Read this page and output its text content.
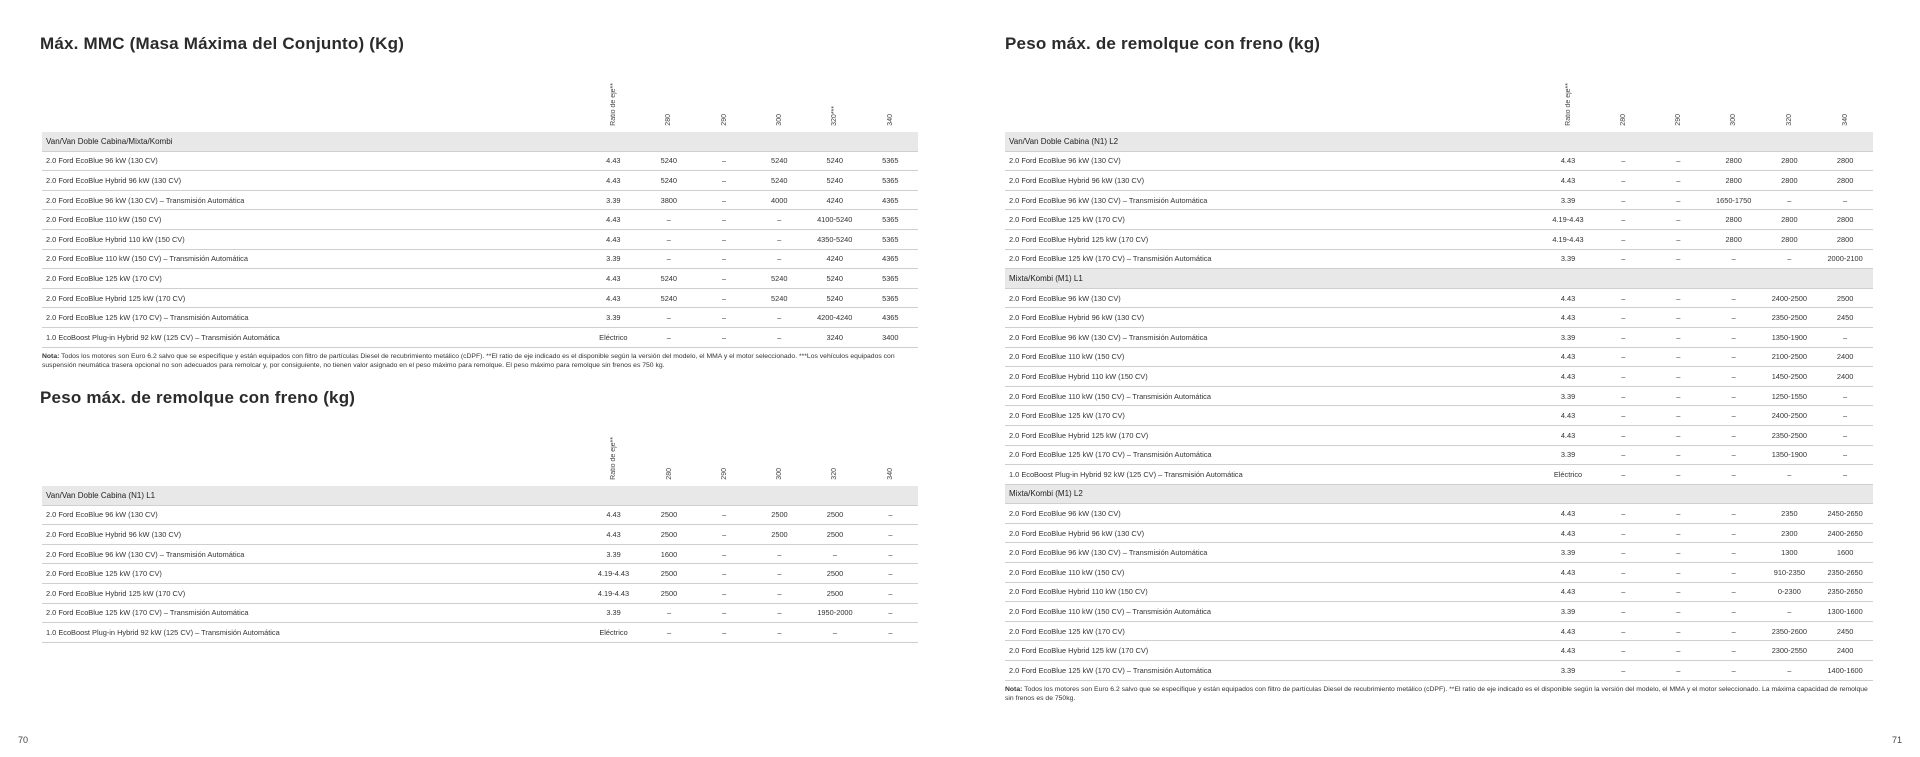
Máx. MMC (Masa Máxima del Conjunto) (Kg)
	Ratio de eje**	280	290	300	320***	340
Van/Van Doble Cabina/Mixta/Kombi						
2.0 Ford EcoBlue 96 kW (130 CV)	4.43	5240	–	5240	5240	5365
2.0 Ford EcoBlue Hybrid 96 kW (130 CV)	4.43	5240	–	5240	5240	5365
2.0 Ford EcoBlue 96 kW (130 CV) – Transmisión Automática	3.39	3800	–	4000	4240	4365
2.0 Ford EcoBlue 110 kW (150 CV)	4.43	–	–	–	4100-5240	5365
2.0 Ford EcoBlue Hybrid 110 kW (150 CV)	4.43	–	–	–	4350-5240	5365
2.0 Ford EcoBlue 110 kW (150 CV) – Transmisión Automática	3.39	–	–	–	4240	4365
2.0 Ford EcoBlue 125 kW (170 CV)	4.43	5240	–	5240	5240	5365
2.0 Ford EcoBlue Hybrid 125 kW (170 CV)	4.43	5240	–	5240	5240	5365
2.0 Ford EcoBlue 125 kW (170 CV) – Transmisión Automática	3.39	–	–	–	4200-4240	4365
1.0 EcoBoost Plug-in Hybrid 92 kW (125 CV) – Transmisión Automática	Eléctrico	–	–	–	3240	3400
Nota: Todos los motores son Euro 6.2 salvo que se especifique y están equipados con filtro de partículas Diesel de recubrimiento metálico (cDPF). **El ratio de eje indicado es el disponible según la versión del modelo, el MMA y el motor seleccionado. ***Los vehículos equipados con suspensión neumática trasera opcional no son adecuados para remolcar y, por consiguiente, no tienen valor asignado en el peso máximo para remolque. El peso máximo para remolque sin frenos es 750 kg.
Peso máx. de remolque con freno (kg)
	Ratio de eje**	280	290	300	320	340
Van/Van Doble Cabina (N1) L1						
2.0 Ford EcoBlue 96 kW (130 CV)	4.43	2500	–	2500	2500	–
2.0 Ford EcoBlue Hybrid 96 kW (130 CV)	4.43	2500	–	2500	2500	–
2.0 Ford EcoBlue 96 kW (130 CV) – Transmisión Automática	3.39	1600	–	–	–	–
2.0 Ford EcoBlue 125 kW (170 CV)	4.19-4.43	2500	–	–	2500	–
2.0 Ford EcoBlue Hybrid 125 kW (170 CV)	4.19-4.43	2500	–	–	2500	–
2.0 Ford EcoBlue 125 kW (170 CV) – Transmisión Automática	3.39	–	–	–	1950-2000	–
1.0 EcoBoost Plug-in Hybrid 92 kW (125 CV) – Transmisión Automática	Eléctrico	–	–	–	–	–
70
Peso máx. de remolque con freno (kg)
	Ratio de eje**	280	290	300	320	340
Van/Van Doble Cabina (N1) L2						
2.0 Ford EcoBlue 96 kW (130 CV)	4.43	–	–	2800	2800	2800
2.0 Ford EcoBlue Hybrid 96 kW (130 CV)	4.43	–	–	2800	2800	2800
2.0 Ford EcoBlue 96 kW (130 CV) – Transmisión Automática	3.39	–	–	1650-1750	–	–
2.0 Ford EcoBlue 125 kW (170 CV)	4.19-4.43	–	–	2800	2800	2800
2.0 Ford EcoBlue Hybrid 125 kW (170 CV)	4.19-4.43	–	–	2800	2800	2800
2.0 Ford EcoBlue 125 kW (170 CV) – Transmisión Automática	3.39	–	–	–	–	2000-2100
Mixta/Kombi (M1) L1						
2.0 Ford EcoBlue 96 kW (130 CV)	4.43	–	–	–	2400-2500	2500
2.0 Ford EcoBlue Hybrid 96 kW (130 CV)	4.43	–	–	–	2350-2500	2450
2.0 Ford EcoBlue 96 kW (130 CV) – Transmisión Automática	3.39	–	–	–	1350-1900	–
2.0 Ford EcoBlue 110 kW (150 CV)	4.43	–	–	–	2100-2500	2400
2.0 Ford EcoBlue Hybrid 110 kW (150 CV)	4.43	–	–	–	1450-2500	2400
2.0 Ford EcoBlue 110 kW (150 CV) – Transmisión Automática	3.39	–	–	–	1250-1550	–
2.0 Ford EcoBlue 125 kW (170 CV)	4.43	–	–	–	2400-2500	–
2.0 Ford EcoBlue Hybrid 125 kW (170 CV)	4.43	–	–	–	2350-2500	–
2.0 Ford EcoBlue 125 kW (170 CV) – Transmisión Automática	3.39	–	–	–	1350-1900	–
1.0 EcoBoost Plug-in Hybrid 92 kW (125 CV) – Transmisión Automática	Eléctrico	–	–	–	–	–
Mixta/Kombi (M1) L2						
2.0 Ford EcoBlue 96 kW (130 CV)	4.43	–	–	–	2350	2450-2650
2.0 Ford EcoBlue Hybrid 96 kW (130 CV)	4.43	–	–	–	2300	2400-2650
2.0 Ford EcoBlue 96 kW (130 CV) – Transmisión Automática	3.39	–	–	–	1300	1600
2.0 Ford EcoBlue 110 kW (150 CV)	4.43	–	–	–	910-2350	2350-2650
2.0 Ford EcoBlue Hybrid 110 kW (150 CV)	4.43	–	–	–	0-2300	2350-2650
2.0 Ford EcoBlue 110 kW (150 CV) – Transmisión Automática	3.39	–	–	–	–	1300-1600
2.0 Ford EcoBlue 125 kW (170 CV)	4.43	–	–	–	2350-2600	2450
2.0 Ford EcoBlue Hybrid 125 kW (170 CV)	4.43	–	–	–	2300-2550	2400
2.0 Ford EcoBlue 125 kW (170 CV) – Transmisión Automática	3.39	–	–	–	–	1400-1600
Nota: Todos los motores son Euro 6.2 salvo que se especifique y están equipados con filtro de partículas Diesel de recubrimiento metálico (cDPF). **El ratio de eje indicado es el disponible según la versión del modelo, el MMA y el motor seleccionado. La máxima capacidad de remolque sin frenos es de 750kg.
71
